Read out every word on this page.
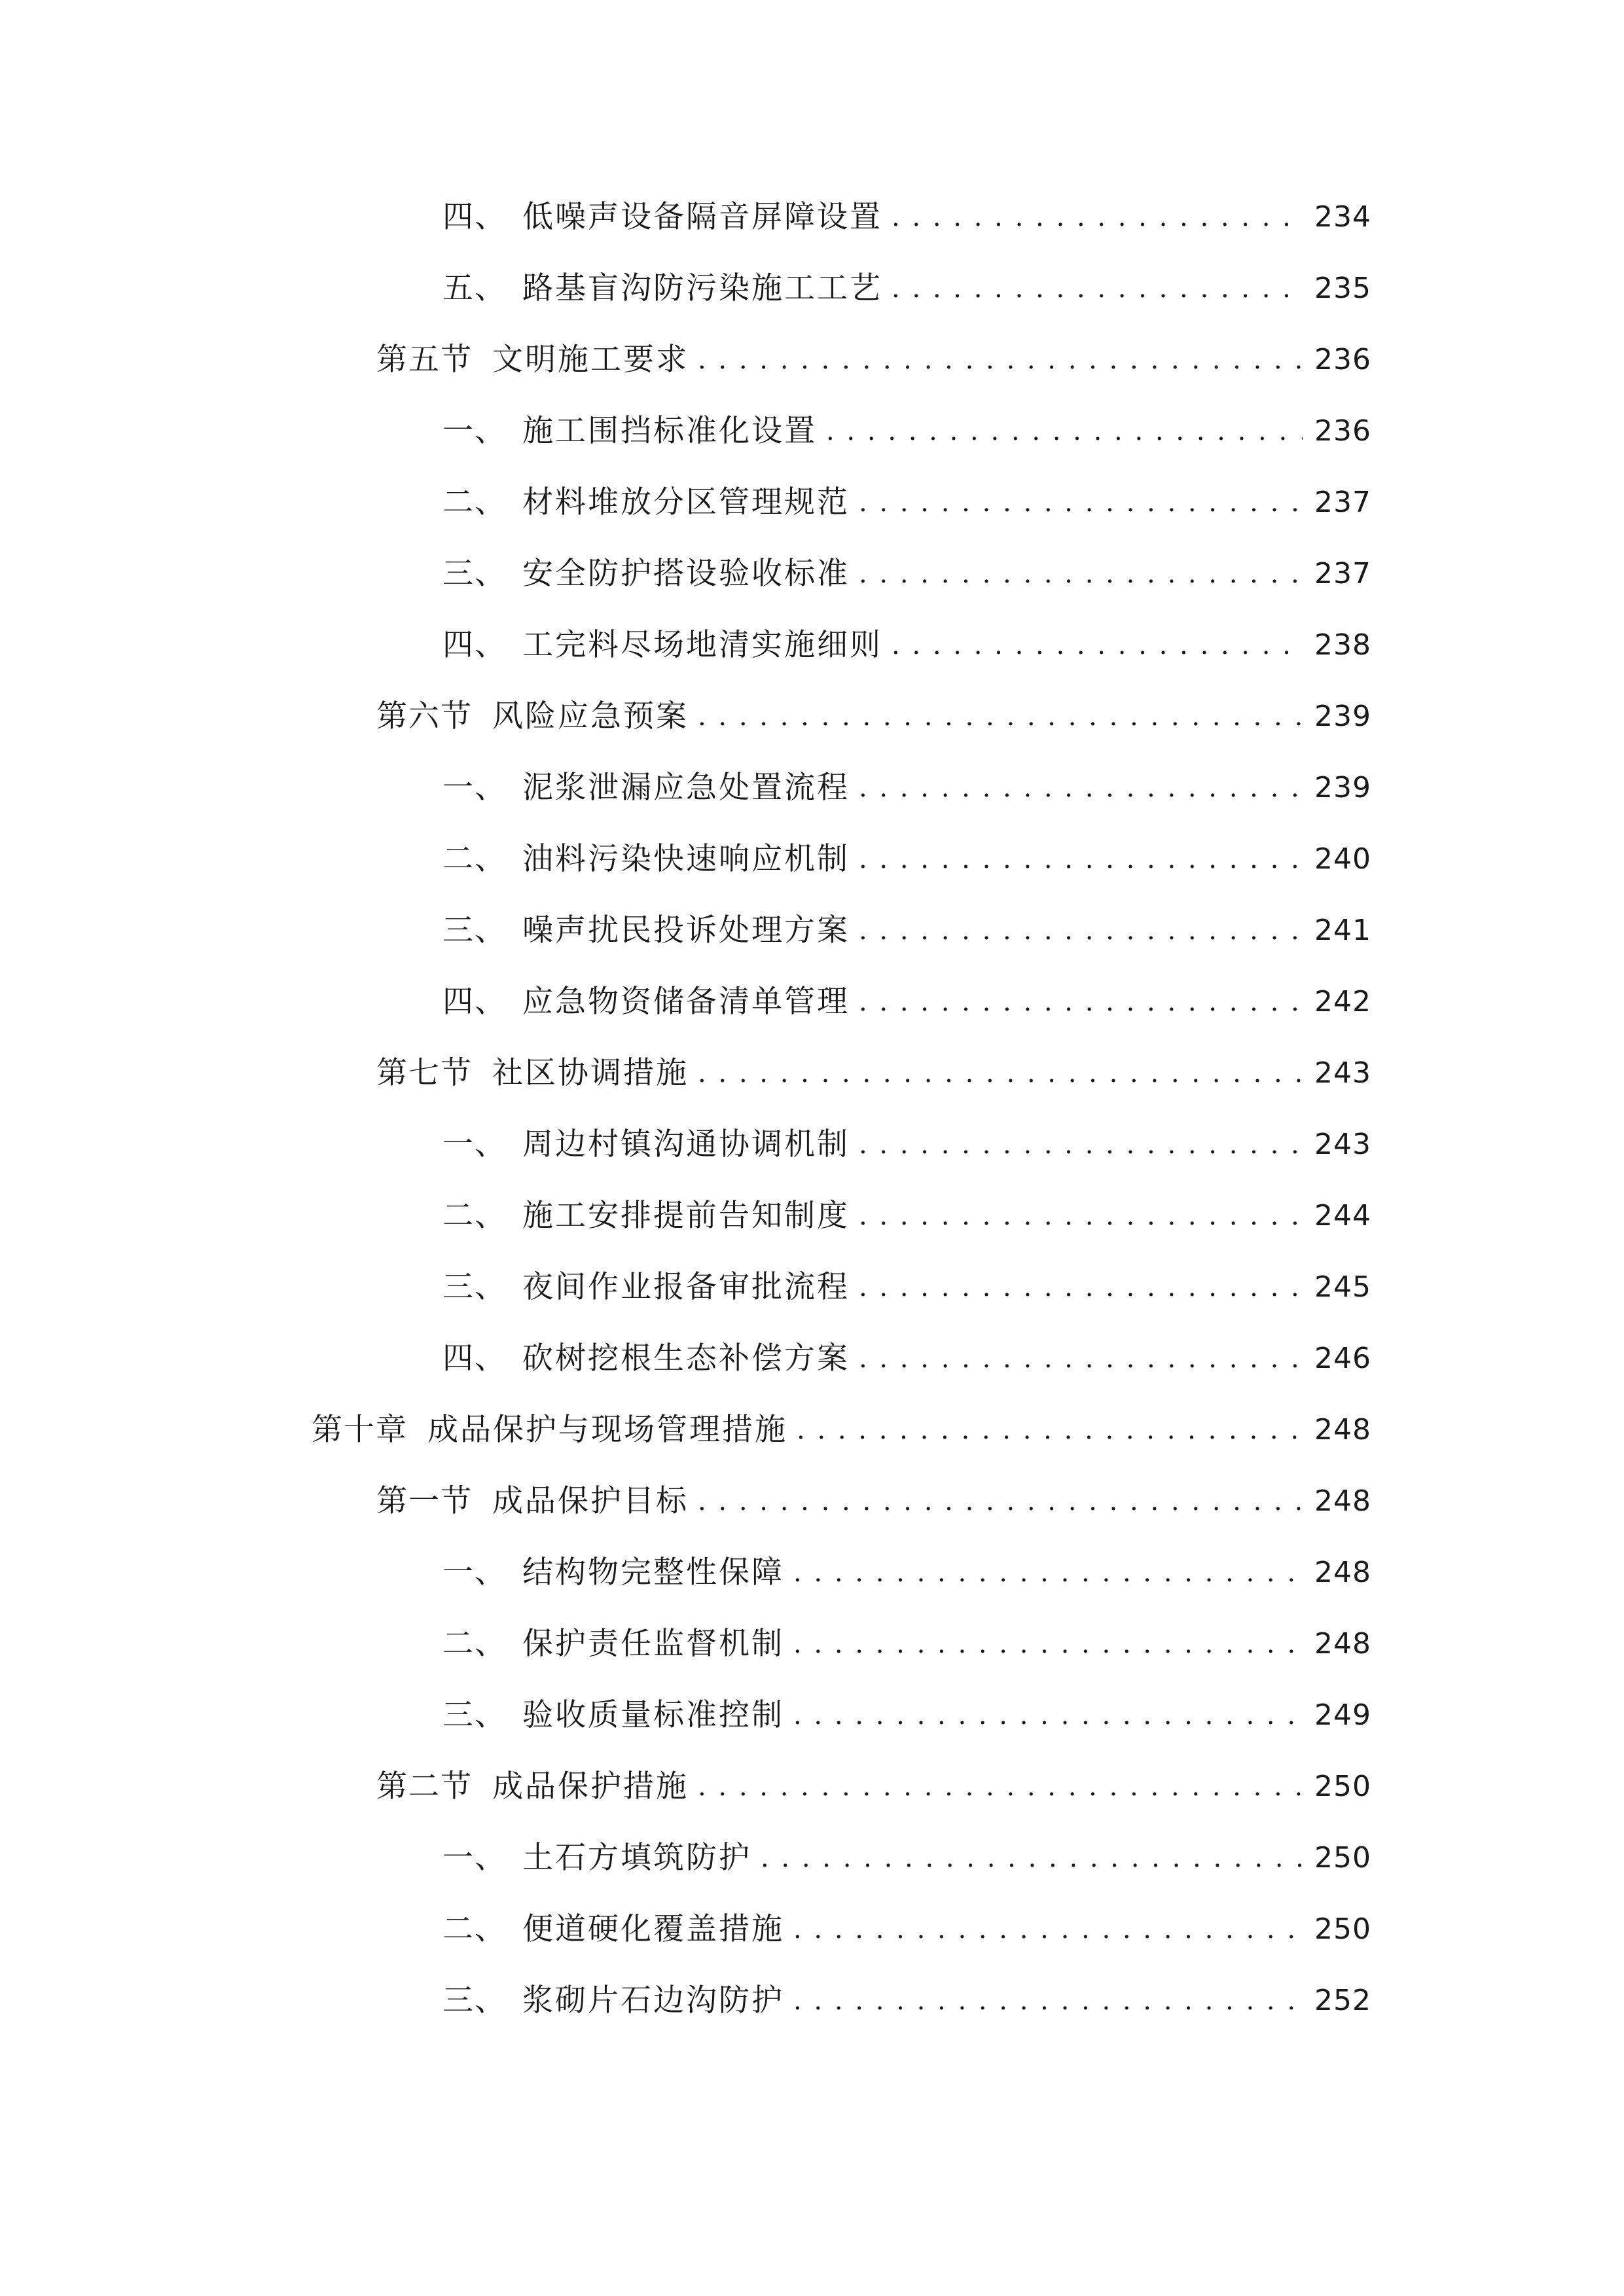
四、 低噪声设备隔音屏障设置 . . .	234
五、 路基盲沟防污染施工工艺 . . .	235
第五节 文明施工要求 . . .	236
一、 施工围挡标准化设置 . . .	236
二、 材料堆放分区管理规范 . . .	237
三、 安全防护搭设验收标准 . . .	237
四、 工完料尽场地清实施细则 . . .	238
第六节 风险应急预案 . . .	239
一、 泥浆泄漏应急处置流程 . . .	239
二、 油料污染快速响应机制 . . .	240
三、 噪声扰民投诉处理方案 . . .	241
四、 应急物资储备清单管理 . . .	242
第七节 社区协调措施 . . .	243
一、 周边村镇沟通协调机制 . . .	243
二、 施工安排提前告知制度 . . .	244
三、 夜间作业报备审批流程 . . .	245
四、 砍树挖根生态补偿方案 . . .	246
第十章 成品保护与现场管理措施 . . .	248
第一节 成品保护目标 . . .	248
一、 结构物完整性保障 . . .	248
二、 保护责任监督机制 . . .	248
三、 验收质量标准控制 . . .	249
第二节 成品保护措施 . . .	250
一、 土石方填筑防护 . . .	250
二、 便道硬化覆盖措施 . . .	250
三、 浆砌片石边沟防护 . . .	252
